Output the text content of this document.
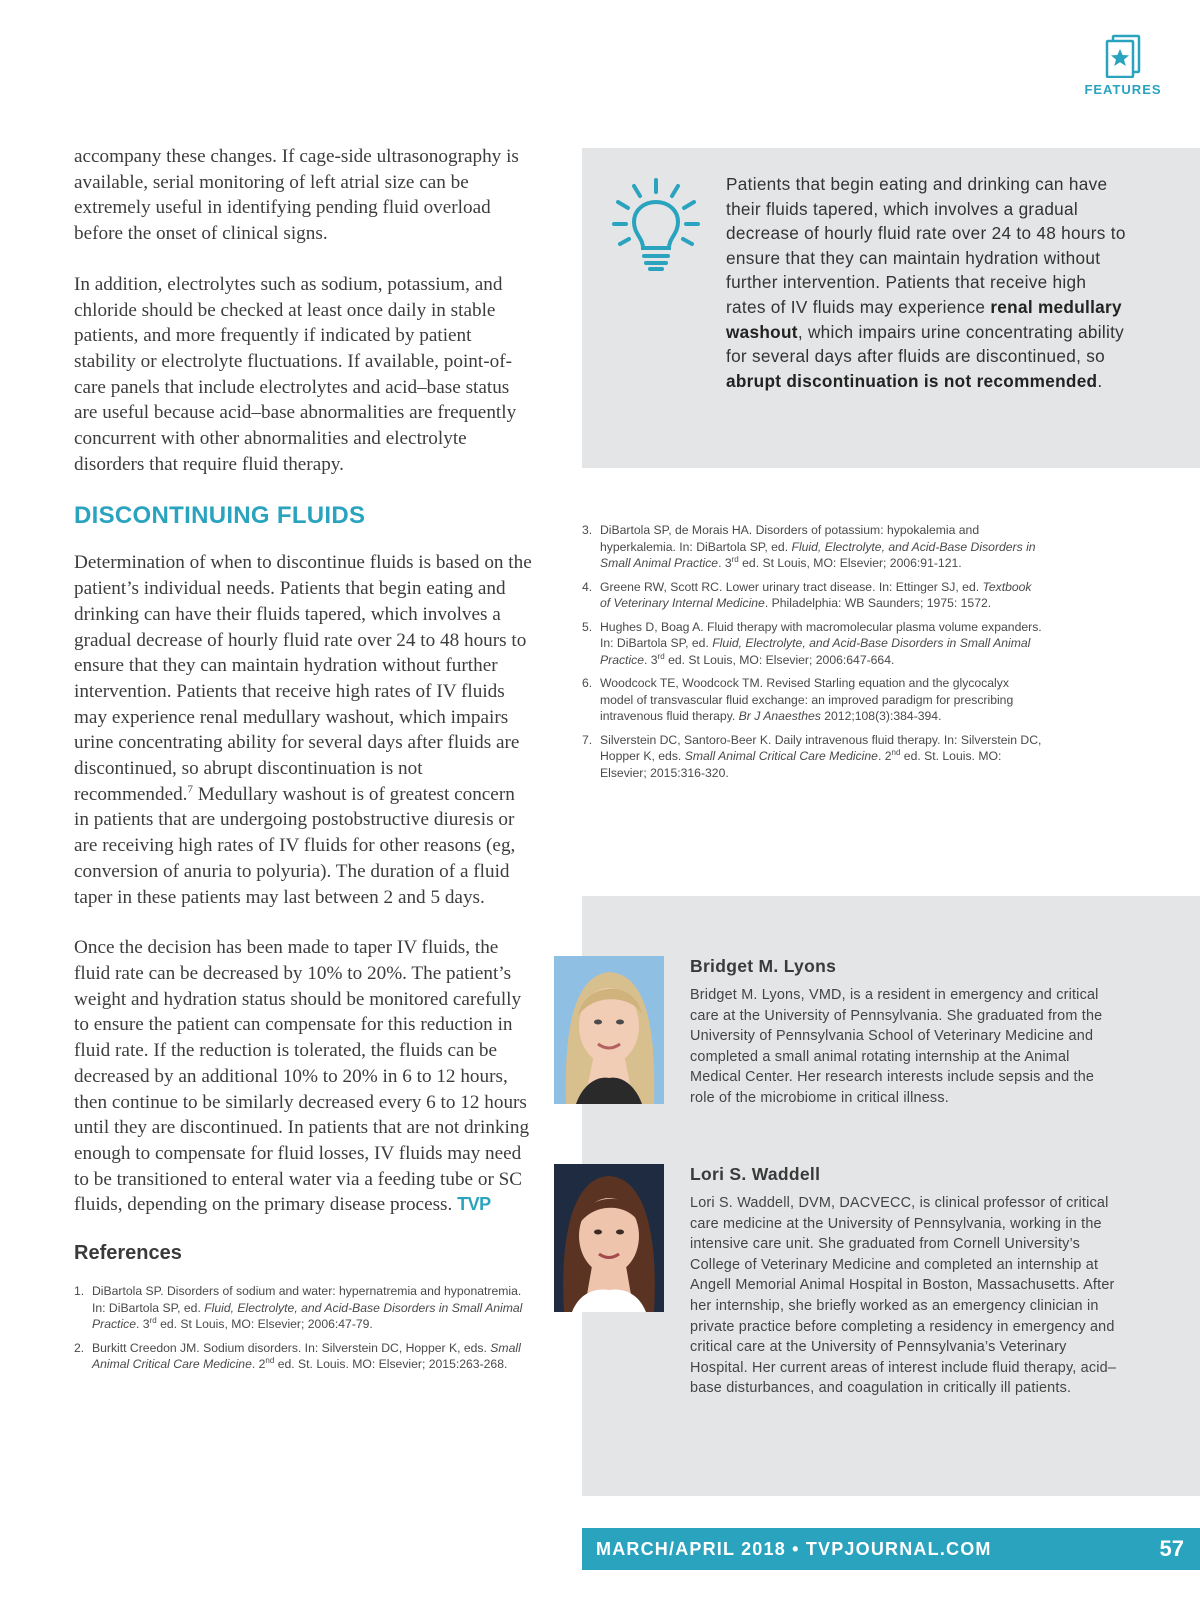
FEATURES

accompany these changes. If cage-side ultrasonography is available, serial monitoring of left atrial size can be extremely useful in identifying pending fluid overload before the onset of clinical signs.

In addition, electrolytes such as sodium, potassium, and chloride should be checked at least once daily in stable patients, and more frequently if indicated by patient stability or electrolyte fluctuations. If available, point-of-care panels that include electrolytes and acid–base status are useful because acid–base abnormalities are frequently concurrent with other abnormalities and electrolyte disorders that require fluid therapy.

DISCONTINUING FLUIDS

Determination of when to discontinue fluids is based on the patient’s individual needs. Patients that begin eating and drinking can have their fluids tapered, which involves a gradual decrease of hourly fluid rate over 24 to 48 hours to ensure that they can maintain hydration without further intervention. Patients that receive high rates of IV fluids may experience renal medullary washout, which impairs urine concentrating ability for several days after fluids are discontinued, so abrupt discontinuation is not recommended.$^7$ Medullary washout is of greatest concern in patients that are undergoing postobstructive diuresis or are receiving high rates of IV fluids for other reasons (eg, conversion of anuria to polyuria). The duration of a fluid taper in these patients may last between 2 and 5 days.

Once the decision has been made to taper IV fluids, the fluid rate can be decreased by 10% to 20%. The patient’s weight and hydration status should be monitored carefully to ensure the patient can compensate for this reduction in fluid rate. If the reduction is tolerated, the fluids can be decreased by an additional 10% to 20% in 6 to 12 hours, then continue to be similarly decreased every 6 to 12 hours until they are discontinued. In patients that are not drinking enough to compensate for fluid losses, IV fluids may need to be transitioned to enteral water via a feeding tube or SC fluids, depending on the primary disease process. TVP

References
1. DiBartola SP. Disorders of sodium and water: hypernatremia and hyponatremia. In: DiBartola SP, ed. Fluid, Electrolyte, and Acid-Base Disorders in Small Animal Practice. 3rd ed. St Louis, MO: Elsevier; 2006:47-79.
2. Burkitt Creedon JM. Sodium disorders. In: Silverstein DC, Hopper K, eds. Small Animal Critical Care Medicine. 2nd ed. St. Louis. MO: Elsevier; 2015:263-268.

Patients that begin eating and drinking can have their fluids tapered, which involves a gradual decrease of hourly fluid rate over 24 to 48 hours to ensure that they can maintain hydration without further intervention. Patients that receive high rates of IV fluids may experience renal medullary washout, which impairs urine concentrating ability for several days after fluids are discontinued, so abrupt discontinuation is not recommended.

3. DiBartola SP, de Morais HA. Disorders of potassium: hypokalemia and hyperkalemia. In: DiBartola SP, ed. Fluid, Electrolyte, and Acid-Base Disorders in Small Animal Practice. 3rd ed. St Louis, MO: Elsevier; 2006:91-121.
4. Greene RW, Scott RC. Lower urinary tract disease. In: Ettinger SJ, ed. Textbook of Veterinary Internal Medicine. Philadelphia: WB Saunders; 1975: 1572.
5. Hughes D, Boag A. Fluid therapy with macromolecular plasma volume expanders. In: DiBartola SP, ed. Fluid, Electrolyte, and Acid-Base Disorders in Small Animal Practice. 3rd ed. St Louis, MO: Elsevier; 2006:647-664.
6. Woodcock TE, Woodcock TM. Revised Starling equation and the glycocalyx model of transvascular fluid exchange: an improved paradigm for prescribing intravenous fluid therapy. Br J Anaesthes 2012;108(3):384-394.
7. Silverstein DC, Santoro-Beer K. Daily intravenous fluid therapy. In: Silverstein DC, Hopper K, eds. Small Animal Critical Care Medicine. 2nd ed. St. Louis. MO: Elsevier; 2015:316-320.
Bridget M. Lyons
Bridget M. Lyons, VMD, is a resident in emergency and critical care at the University of Pennsylvania. She graduated from the University of Pennsylvania School of Veterinary Medicine and completed a small animal rotating internship at the Animal Medical Center. Her research interests include sepsis and the role of the microbiome in critical illness.
Lori S. Waddell
Lori S. Waddell, DVM, DACVECC, is clinical professor of critical care medicine at the University of Pennsylvania, working in the intensive care unit. She graduated from Cornell University’s College of Veterinary Medicine and completed an internship at Angell Memorial Animal Hospital in Boston, Massachusetts. After her internship, she briefly worked as an emergency clinician in private practice before completing a residency in emergency and critical care at the University of Pennsylvania’s Veterinary Hospital. Her current areas of interest include fluid therapy, acid–base disturbances, and coagulation in critically ill patients.
MARCH/APRIL 2018 • TVPJOURNAL.COM	57
